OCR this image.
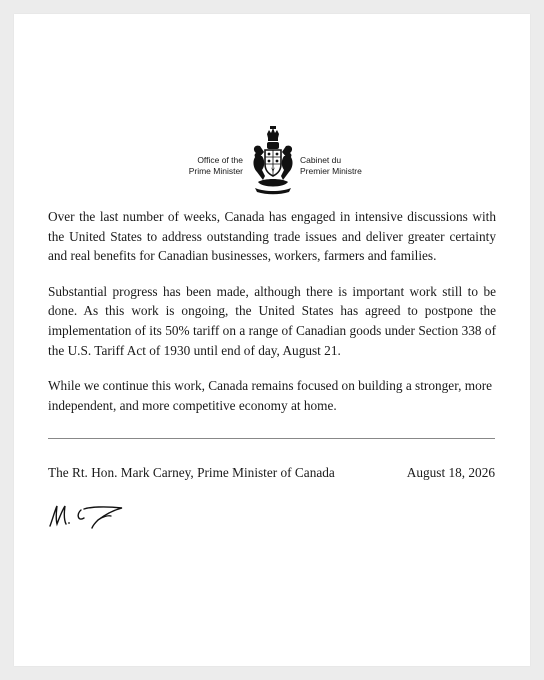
Office of the
Prime Minister
Cabinet du
Premier Ministre

Over the last number of weeks, Canada has engaged in intensive discussions with the United States to address outstanding trade issues and deliver greater certainty and real benefits for Canadian businesses, workers, farmers and families.

Substantial progress has been made, although there is important work still to be done. As this work is ongoing, the United States has agreed to postpone the implementation of its 50% tariff on a range of Canadian goods under Section 338 of the U.S. Tariff Act of 1930 until end of day, August 21.

While we continue this work, Canada remains focused on building a stronger, more independent, and more competitive economy at home.

The Rt. Hon. Mark Carney, Prime Minister of Canada	August 18, 2026
